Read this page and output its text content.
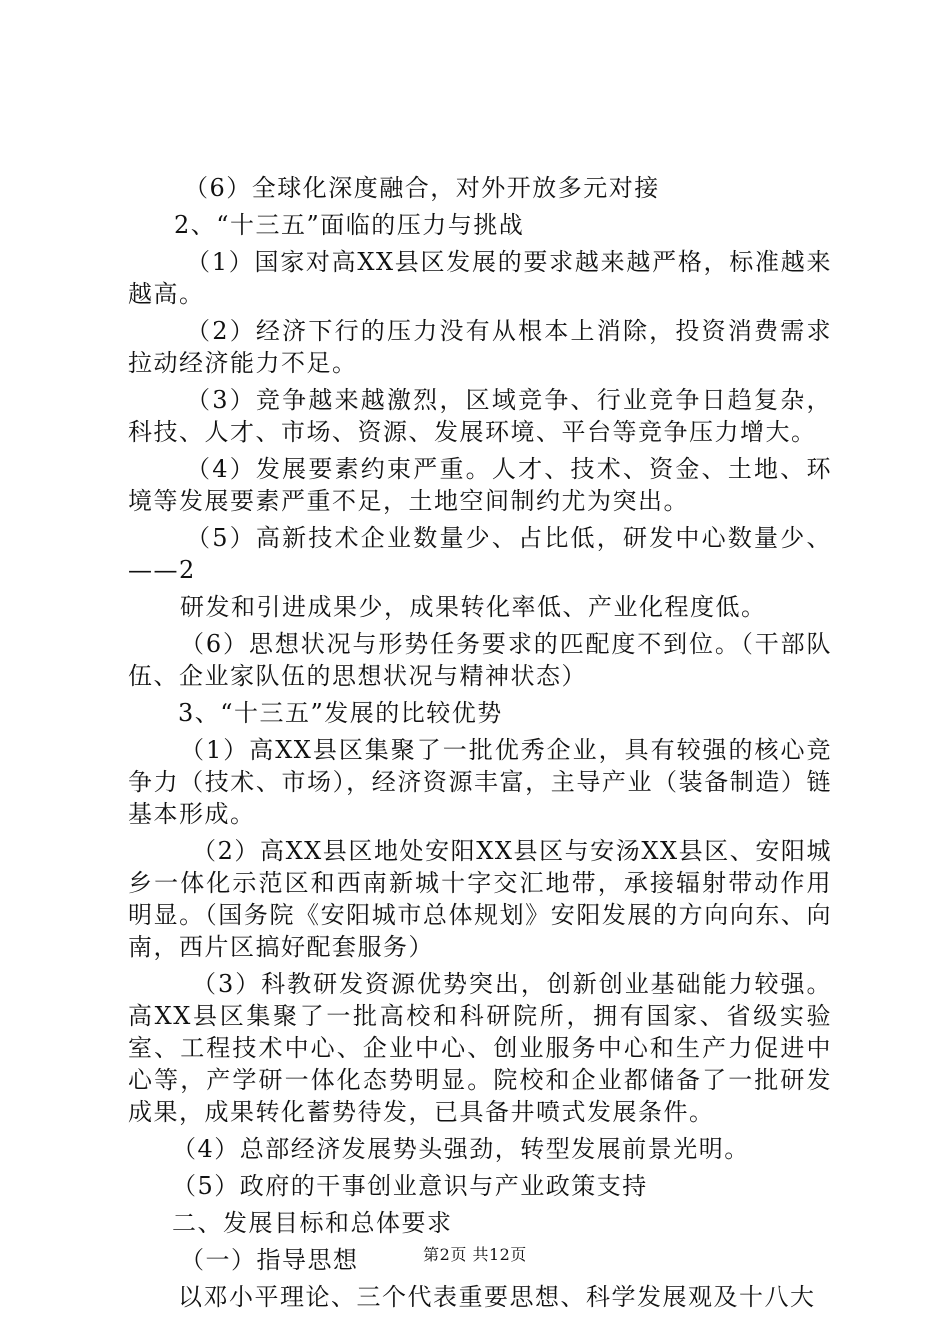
（6）全球化深度融合，对外开放多元对接

2、“十三五”面临的压力与挑战

（1）国家对高XX县区发展的要求越来越严格，标准越来越高。

（2）经济下行的压力没有从根本上消除，投资消费需求拉动经济能力不足。

（3）竞争越来越激烈，区域竞争、行业竞争日趋复杂，科技、人才、市场、资源、发展环境、平台等竞争压力增大。

（4）发展要素约束严重。人才、技术、资金、土地、环境等发展要素严重不足，土地空间制约尤为突出。

（5）高新技术企业数量少、占比低，研发中心数量少、——2

研发和引进成果少，成果转化率低、产业化程度低。

（6）思想状况与形势任务要求的匹配度不到位。（干部队伍、企业家队伍的思想状况与精神状态）

3、“十三五”发展的比较优势

（1）高XX县区集聚了一批优秀企业，具有较强的核心竞争力（技术、市场），经济资源丰富，主导产业（装备制造）链基本形成。

（2）高XX县区地处安阳XX县区与安汤XX县区、安阳城乡一体化示范区和西南新城十字交汇地带，承接辐射带动作用明显。（国务院《安阳城市总体规划》安阳发展的方向向东、向南，西片区搞好配套服务）

（3）科教研发资源优势突出，创新创业基础能力较强。高XX县区集聚了一批高校和科研院所，拥有国家、省级实验室、工程技术中心、企业中心、创业服务中心和生产力促进中心等，产学研一体化态势明显。院校和企业都储备了一批研发成果，成果转化蓄势待发，已具备井喷式发展条件。

（4）总部经济发展势头强劲，转型发展前景光明。

（5）政府的干事创业意识与产业政策支持

二、发展目标和总体要求

（一）指导思想

以邓小平理论、三个代表重要思想、科学发展观及十八大

第2页 共12页
